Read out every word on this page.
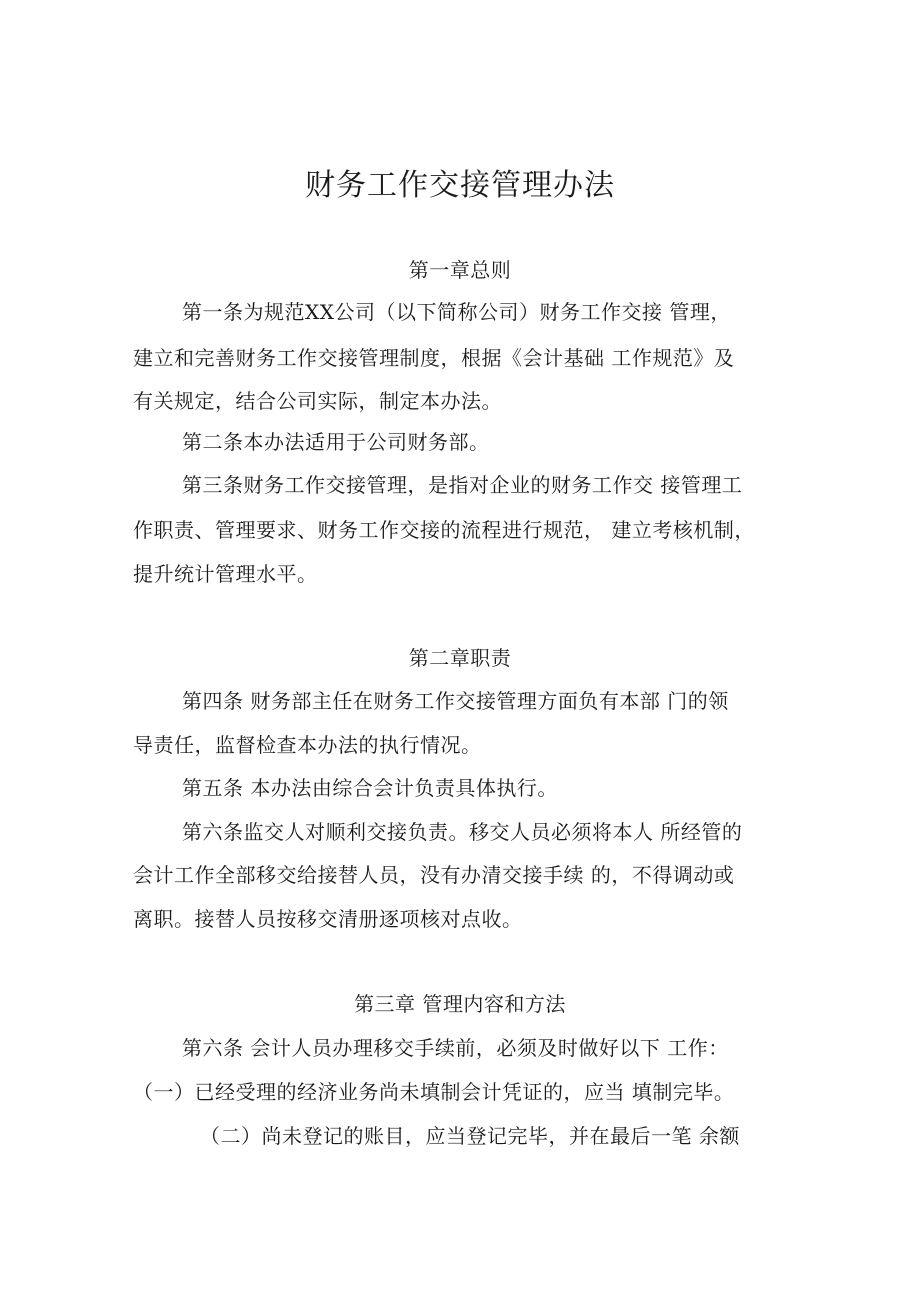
财务工作交接管理办法
第一章总则
第一条为规范XX公司（以下简称公司）财务工作交接 管理，
建立和完善财务工作交接管理制度，根据《会计基础 工作规范》及
有关规定，结合公司实际，制定本办法。
第二条本办法适用于公司财务部。
第三条财务工作交接管理，是指对企业的财务工作交 接管理工
作职责、管理要求、财务工作交接的流程进行规范， 建立考核机制，
提升统计管理水平。
第二章职责
第四条 财务部主任在财务工作交接管理方面负有本部 门的领
导责任，监督检查本办法的执行情况。
第五条 本办法由综合会计负责具体执行。
第六条监交人对顺利交接负责。移交人员必须将本人 所经管的
会计工作全部移交给接替人员，没有办清交接手续 的，不得调动或
离职。接替人员按移交清册逐项核对点收。
第三章 管理内容和方法
第六条 会计人员办理移交手续前，必须及时做好以下 工作：
（一）已经受理的经济业务尚未填制会计凭证的，应当 填制完毕。
（二）尚未登记的账目，应当登记完毕，并在最后一笔 余额
